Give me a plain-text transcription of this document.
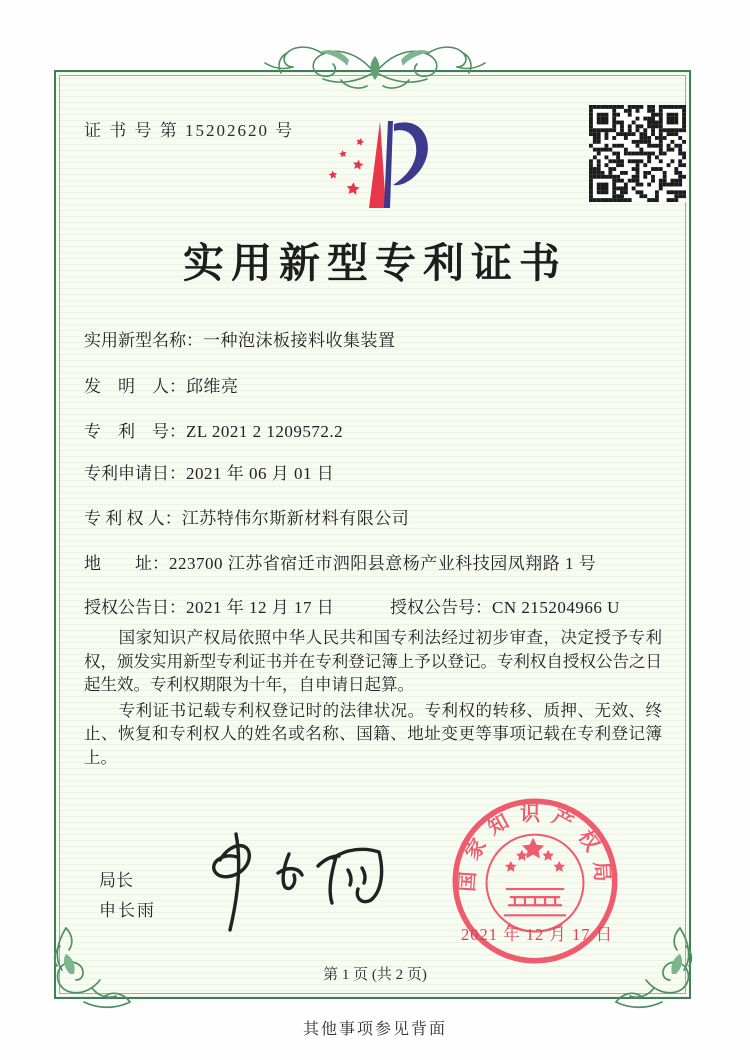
证 书 号 第 15202620 号
实用新型专利证书
实用新型名称：一种泡沫板接料收集装置
发　明　人：邱维亮
专　利　号：ZL 2021 2 1209572.2
专利申请日：2021 年 06 月 01 日
专 利 权 人：江苏特伟尔斯新材料有限公司
地　　址：223700 江苏省宿迁市泗阳县意杨产业科技园凤翔路 1 号
授权公告日：2021 年 12 月 17 日	授权公告号：CN 215204966 U

国家知识产权局依照中华人民共和国专利法经过初步审查，决定授予专利权，颁发实用新型专利证书并在专利登记簿上予以登记。专利权自授权公告之日起生效。专利权期限为十年，自申请日起算。

专利证书记载专利权登记时的法律状况。专利权的转移、质押、无效、终止、恢复和专利权人的姓名或名称、国籍、地址变更等事项记载在专利登记簿上。

局长
申长雨
国家知识产权局
2021 年 12 月 17 日
第 1 页 (共 2 页)
其他事项参见背面
